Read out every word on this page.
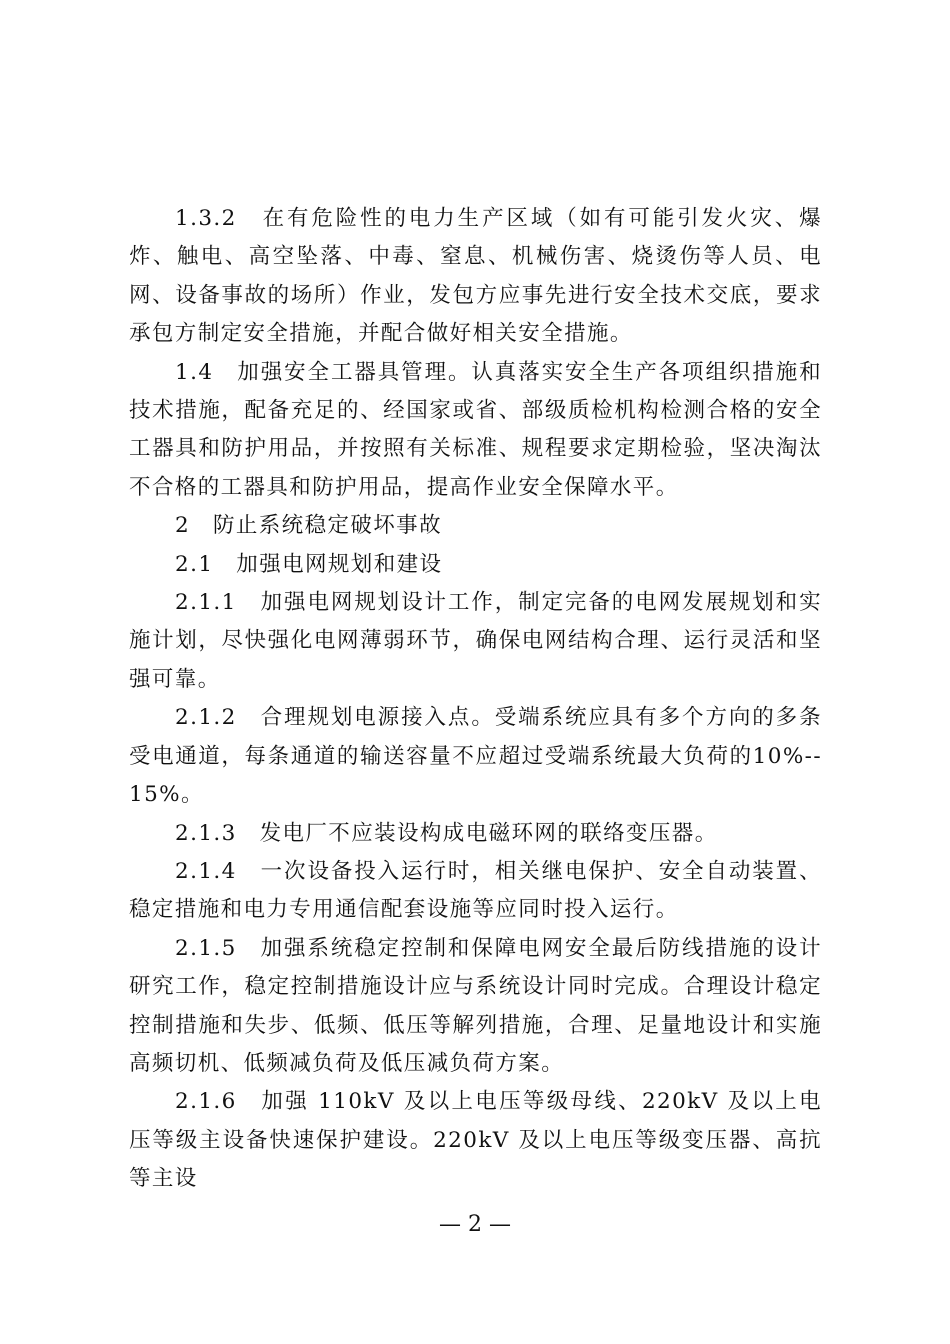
1.3.2　在有危险性的电力生产区域（如有可能引发火灾、爆炸、触电、高空坠落、中毒、窒息、机械伤害、烧烫伤等人员、电网、设备事故的场所）作业，发包方应事先进行安全技术交底，要求承包方制定安全措施，并配合做好相关安全措施。

1.4　加强安全工器具管理。认真落实安全生产各项组织措施和技术措施，配备充足的、经国家或省、部级质检机构检测合格的安全工器具和防护用品，并按照有关标准、规程要求定期检验，坚决淘汰不合格的工器具和防护用品，提高作业安全保障水平。

2　防止系统稳定破坏事故

2.1　加强电网规划和建设

2.1.1　加强电网规划设计工作，制定完备的电网发展规划和实施计划，尽快强化电网薄弱环节，确保电网结构合理、运行灵活和坚强可靠。

2.1.2　合理规划电源接入点。受端系统应具有多个方向的多条受电通道，每条通道的输送容量不应超过受端系统最大负荷的10%--15%。

2.1.3　发电厂不应装设构成电磁环网的联络变压器。

2.1.4　一次设备投入运行时，相关继电保护、安全自动装置、稳定措施和电力专用通信配套设施等应同时投入运行。

2.1.5　加强系统稳定控制和保障电网安全最后防线措施的设计研究工作，稳定控制措施设计应与系统设计同时完成。合理设计稳定控制措施和失步、低频、低压等解列措施，合理、足量地设计和实施高频切机、低频减负荷及低压减负荷方案。

2.1.6　加强 110kV 及以上电压等级母线、220kV 及以上电压等级主设备快速保护建设。220kV 及以上电压等级变压器、高抗等主设

— 2 —
